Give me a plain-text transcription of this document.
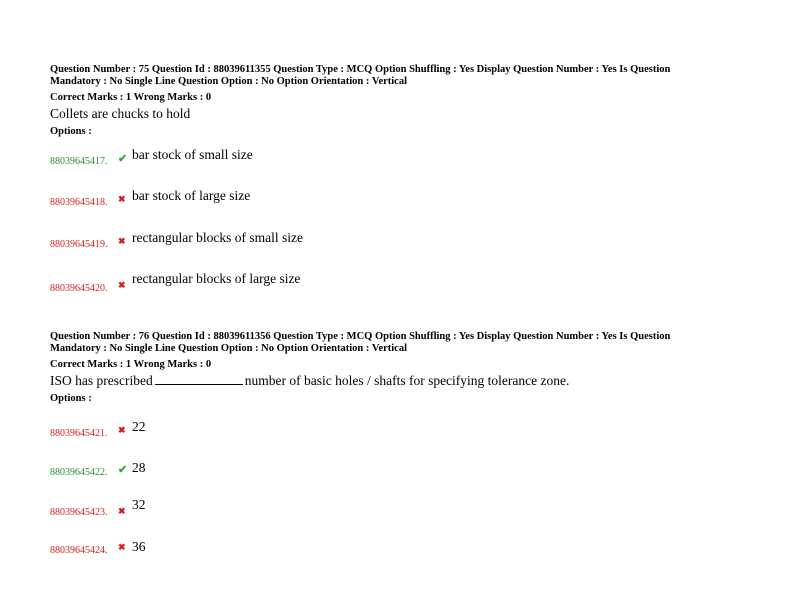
Question Number : 75 Question Id : 88039611355 Question Type : MCQ Option Shuffling : Yes Display Question Number : Yes Is Question
Mandatory : No Single Line Question Option : No Option Orientation : Vertical
Correct Marks : 1 Wrong Marks : 0
Collets are chucks to hold
Options :
88039645417. ✔ bar stock of small size
88039645418. ✖ bar stock of large size
88039645419. ✖ rectangular blocks of small size
88039645420. ✖ rectangular blocks of large size
Question Number : 76 Question Id : 88039611356 Question Type : MCQ Option Shuffling : Yes Display Question Number : Yes Is Question
Mandatory : No Single Line Question Option : No Option Orientation : Vertical
Correct Marks : 1 Wrong Marks : 0
ISO has prescribed	number of basic holes / shafts for specifying tolerance zone.
Options :
88039645421. ✖ 22
88039645422. ✔ 28
88039645423. ✖ 32
88039645424. ✖ 36
